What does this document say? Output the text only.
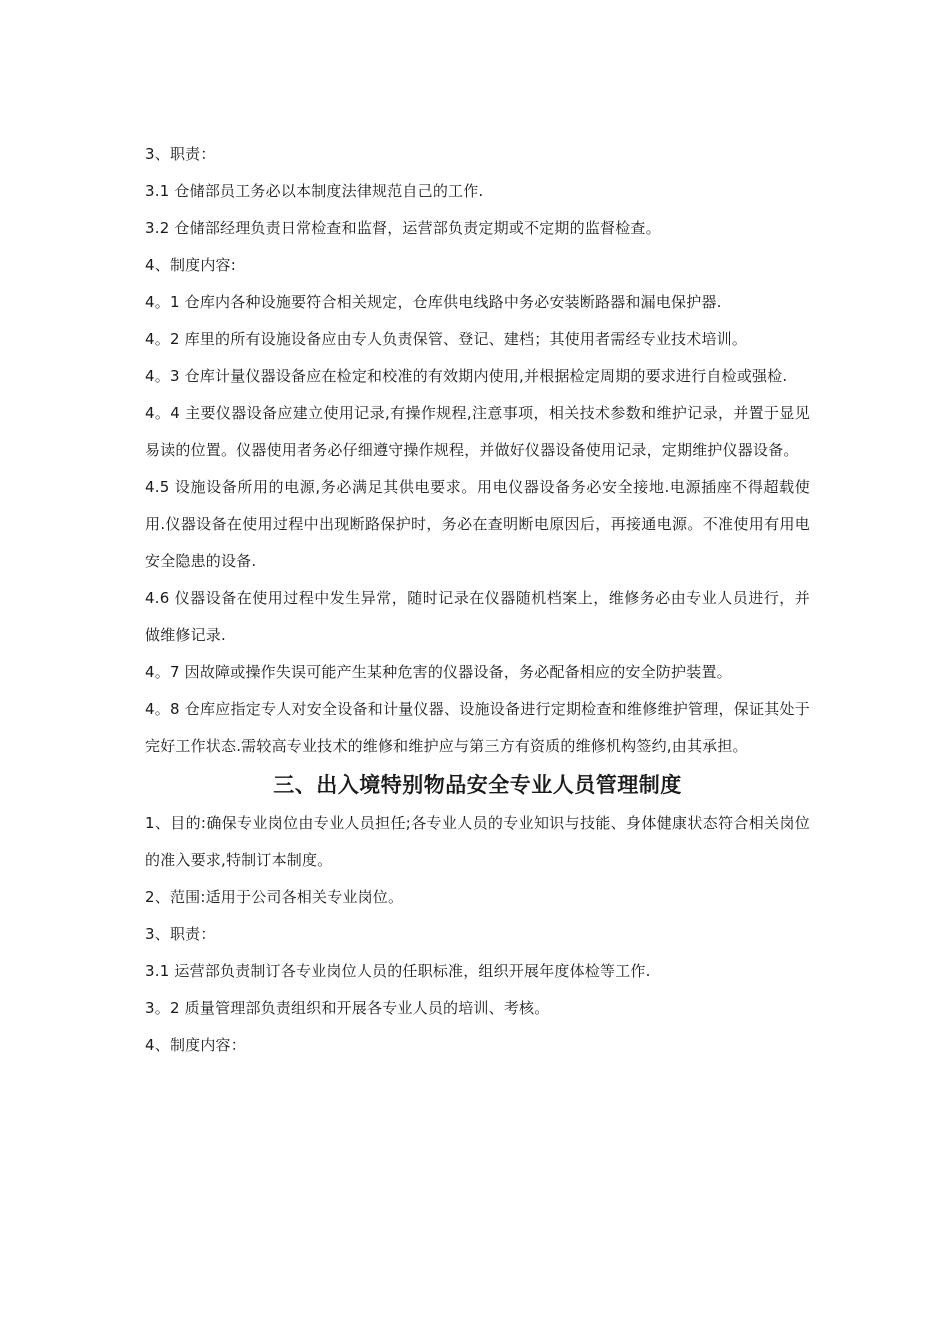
3、职责：

3.1 仓储部员工务必以本制度法律规范自己的工作.

3.2 仓储部经理负责日常检查和监督，运营部负责定期或不定期的监督检查。

4、制度内容:

4。1 仓库内各种设施要符合相关规定，仓库供电线路中务必安装断路器和漏电保护器.

4。2 库里的所有设施设备应由专人负责保管、登记、建档；其使用者需经专业技术培训。

4。3 仓库计量仪器设备应在检定和校准的有效期内使用,并根据检定周期的要求进行自检或强检.

4。4 主要仪器设备应建立使用记录,有操作规程,注意事项，相关技术参数和维护记录，并置于显见易读的位置。仪器使用者务必仔细遵守操作规程，并做好仪器设备使用记录，定期维护仪器设备。

4.5 设施设备所用的电源,务必满足其供电要求。用电仪器设备务必安全接地.电源插座不得超载使用.仪器设备在使用过程中出现断路保护时，务必在查明断电原因后，再接通电源。不准使用有用电安全隐患的设备.

4.6 仪器设备在使用过程中发生异常，随时记录在仪器随机档案上，维修务必由专业人员进行，并做维修记录.

4。7 因故障或操作失误可能产生某种危害的仪器设备，务必配备相应的安全防护装置。

4。8 仓库应指定专人对安全设备和计量仪器、设施设备进行定期检查和维修维护管理，保证其处于完好工作状态.需较高专业技术的维修和维护应与第三方有资质的维修机构签约,由其承担。

三、出入境特别物品安全专业人员管理制度

1、目的:确保专业岗位由专业人员担任;各专业人员的专业知识与技能、身体健康状态符合相关岗位的准入要求,特制订本制度。

2、范围:适用于公司各相关专业岗位。

3、职责：

3.1 运营部负责制订各专业岗位人员的任职标准，组织开展年度体检等工作.

3。2 质量管理部负责组织和开展各专业人员的培训、考核。

4、制度内容：
